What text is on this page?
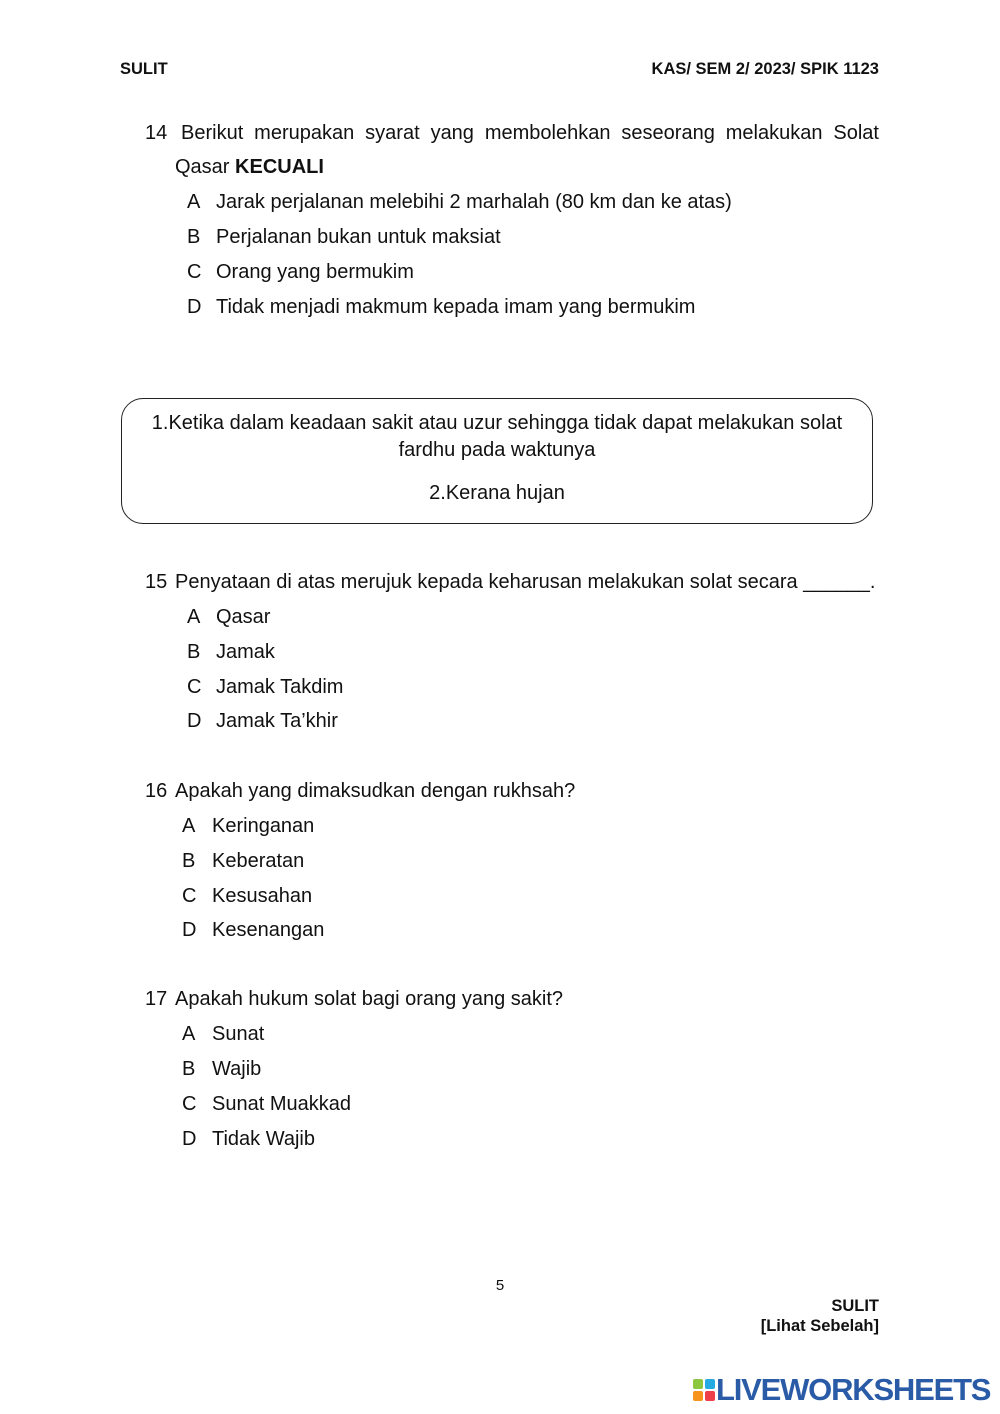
SULIT	KAS/ SEM 2/ 2023/ SPIK 1123
14 Berikut merupakan syarat yang membolehkan seseorang melakukan Solat
Qasar KECUALI
A Jarak perjalanan melebihi 2 marhalah (80 km dan ke atas)
B Perjalanan bukan untuk maksiat
C Orang yang bermukim
D Tidak menjadi makmum kepada imam yang bermukim
1.Ketika dalam keadaan sakit atau uzur sehingga tidak dapat melakukan solat
fardhu pada waktunya
2.Kerana hujan
15 Penyataan di atas merujuk kepada keharusan melakukan solat secara ______.
A Qasar
B Jamak
C Jamak Takdim
D Jamak Ta’khir
16 Apakah yang dimaksudkan dengan rukhsah?
A Keringanan
B Keberatan
C Kesusahan
D Kesenangan
17 Apakah hukum solat bagi orang yang sakit?
A Sunat
B Wajib
C Sunat Muakkad
D Tidak Wajib
5
SULIT
[Lihat Sebelah]
LIVEWORKSHEETS
